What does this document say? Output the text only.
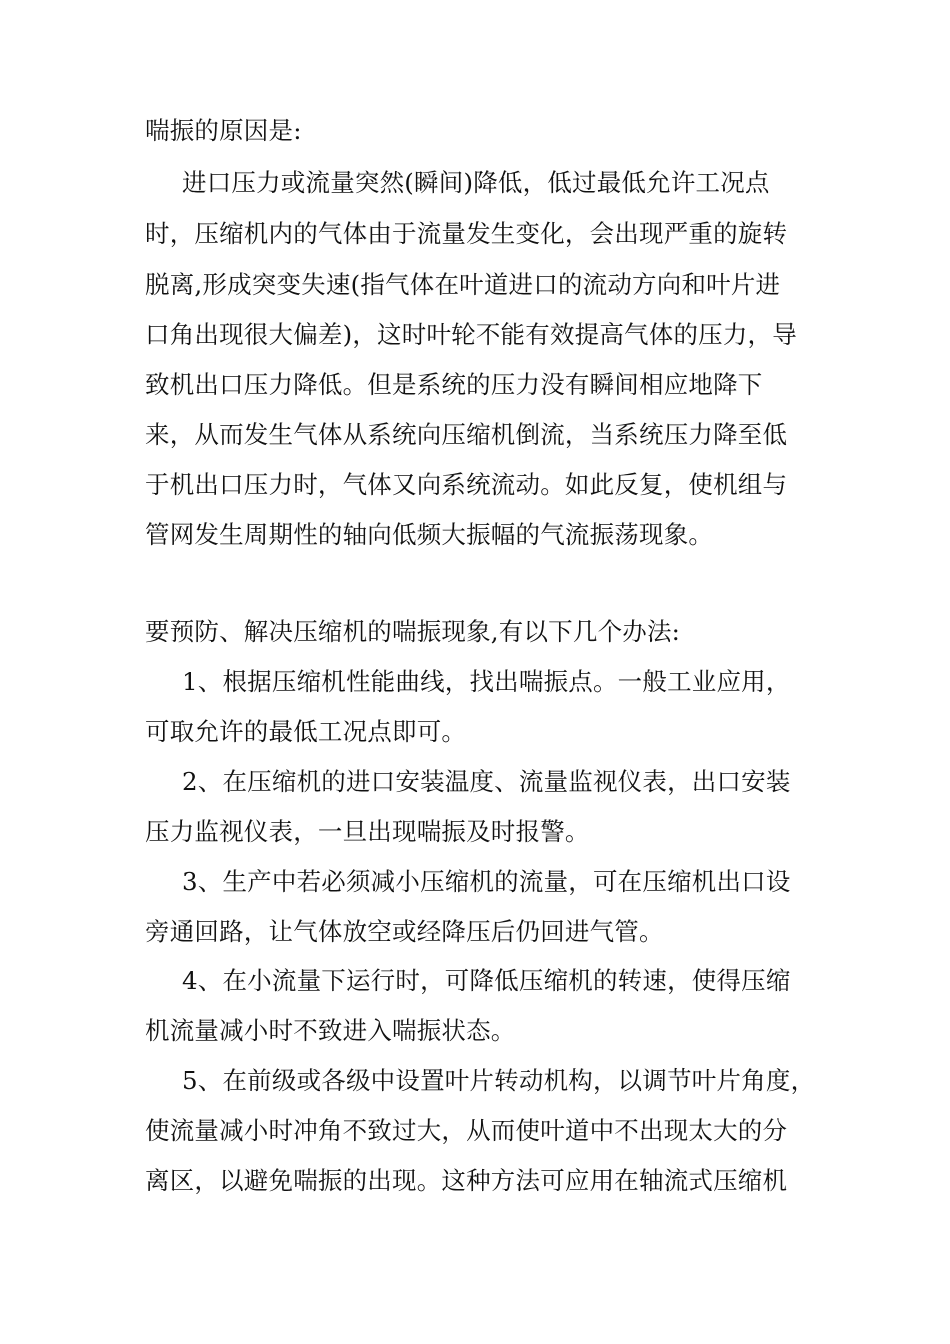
喘振的原因是:
进口压力或流量突然(瞬间)降低，低过最低允许工况点
时，压缩机内的气体由于流量发生变化，会出现严重的旋转
脱离,形成突变失速(指气体在叶道进口的流动方向和叶片进
口角出现很大偏差)，这时叶轮不能有效提高气体的压力，导
致机出口压力降低。但是系统的压力没有瞬间相应地降下
来，从而发生气体从系统向压缩机倒流，当系统压力降至低
于机出口压力时，气体又向系统流动。如此反复，使机组与
管网发生周期性的轴向低频大振幅的气流振荡现象。
要预防、解决压缩机的喘振现象,有以下几个办法:
1、根据压缩机性能曲线，找出喘振点。一般工业应用，
可取允许的最低工况点即可。
2、在压缩机的进口安装温度、流量监视仪表，出口安装
压力监视仪表，一旦出现喘振及时报警。
3、生产中若必须减小压缩机的流量，可在压缩机出口设
旁通回路，让气体放空或经降压后仍回进气管。
4、在小流量下运行时，可降低压缩机的转速，使得压缩
机流量减小时不致进入喘振状态。
5、在前级或各级中设置叶片转动机构，以调节叶片角度，
使流量减小时冲角不致过大，从而使叶道中不出现太大的分
离区，以避免喘振的出现。这种方法可应用在轴流式压缩机
